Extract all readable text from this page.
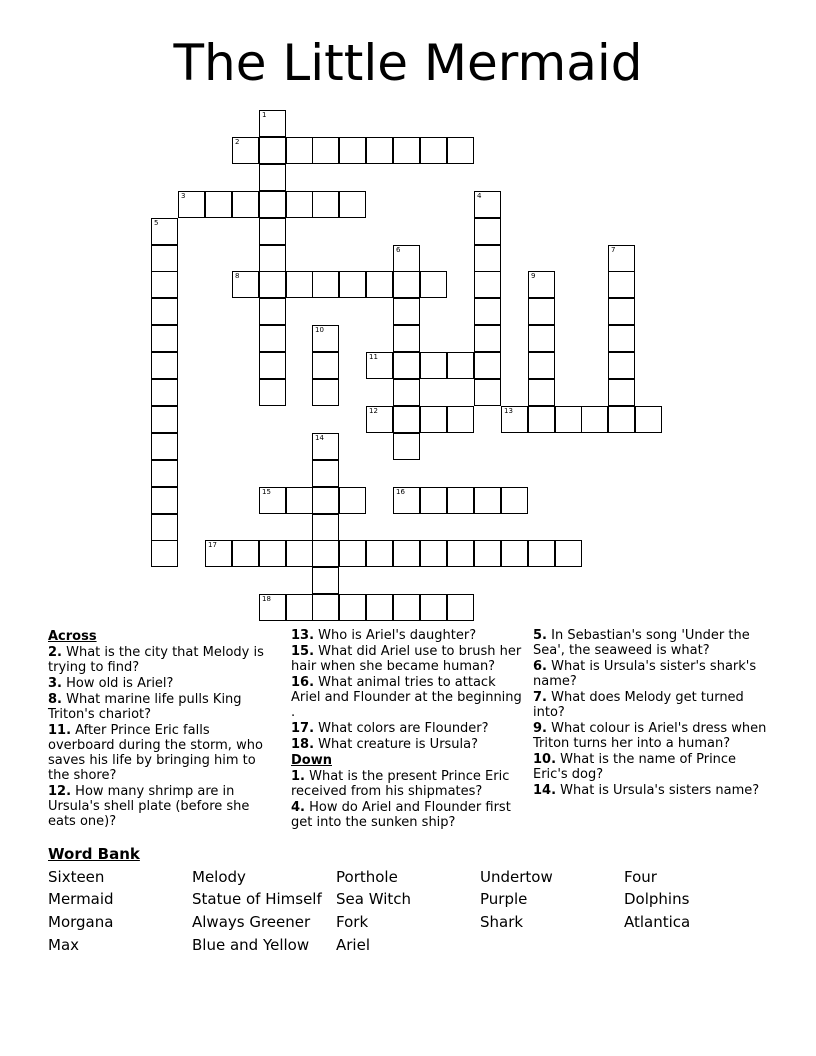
The Little Mermaid
1
2
3	4
5
6	7
8	9
10
11
12	13
14
15	16
17
18

Across

2. What is the city that Melody is trying to find?

3. How old is Ariel?

8. What marine life pulls King Triton's chariot?

11. After Prince Eric falls overboard during the storm, who saves his life by bringing him to the shore?

12. How many shrimp are in Ursula's shell plate (before she eats one)?

13. Who is Ariel's daughter?

15. What did Ariel use to brush her hair when she became human?

16. What animal tries to attack Ariel and Flounder at the beginning .

17. What colors are Flounder?

18. What creature is Ursula?

Down

1. What is the present Prince Eric received from his shipmates?

4. How do Ariel and Flounder first get into the sunken ship?

5. In Sebastian's song 'Under the Sea', the seaweed is what?

6. What is Ursula's sister's shark's name?

7. What does Melody get turned into?

9. What colour is Ariel's dress when Triton turns her into a human?

10. What is the name of Prince Eric's dog?

14. What is Ursula's sisters name?

Word Bank
Sixteen
Mermaid
Morgana
Max
Melody
Statue of Himself
Always Greener
Blue and Yellow
Porthole
Sea Witch
Fork
Ariel
Undertow
Purple
Shark
Four
Dolphins
Atlantica
